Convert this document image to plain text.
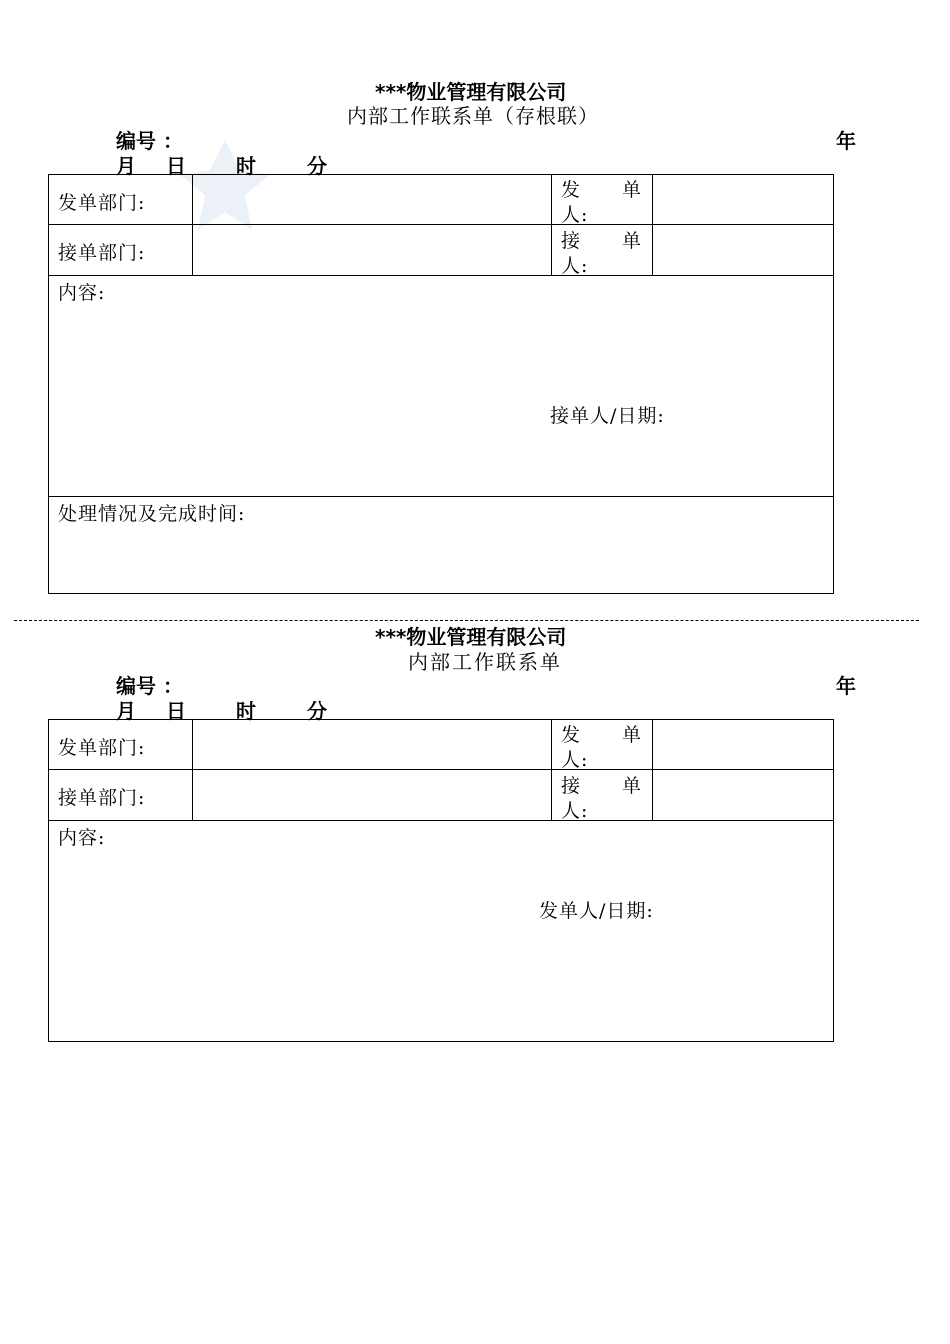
***物业管理有限公司
内部工作联系单（存根联）
编号 ：	年
月 日	时	分
发单部门:
发 单
人:
接单部门:
接 单
人:
内容:
接单人/日期:
处理情况及完成时间:
***物业管理有限公司
内部工作联系单
编号 ：	年
月 日	时	分
发单部门:
发 单
人:
接单部门:
接 单
人:
内容:
发单人/日期:
